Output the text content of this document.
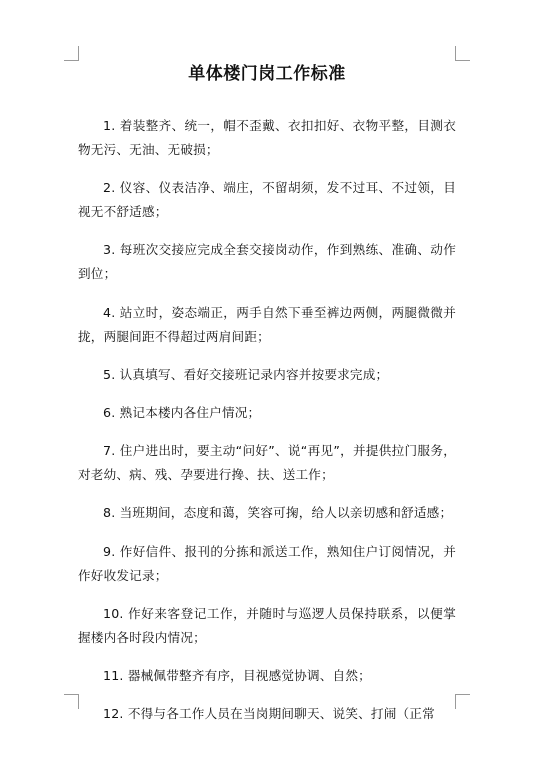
单体楼门岗工作标准

1. 着装整齐、统一，帽不歪戴、衣扣扣好、衣物平整，目测衣物无污、无油、无破损；

2. 仪容、仪表洁净、端庄，不留胡须，发不过耳、不过领，目视无不舒适感；

3. 每班次交接应完成全套交接岗动作，作到熟练、准确、动作到位；

4. 站立时，姿态端正，两手自然下垂至裤边两侧，两腿微微并拢，两腿间距不得超过两肩间距；

5. 认真填写、看好交接班记录内容并按要求完成；

6. 熟记本楼内各住户情况；

7. 住户进出时，要主动“问好”、说“再见”，并提供拉门服务，对老幼、病、残、孕要进行搀、扶、送工作；

8. 当班期间，态度和蔼，笑容可掬，给人以亲切感和舒适感；

9. 作好信件、报刊的分拣和派送工作，熟知住户订阅情况，并作好收发记录；

10. 作好来客登记工作，并随时与巡逻人员保持联系，以便掌握楼内各时段内情况；

11. 器械佩带整齐有序，目视感觉协调、自然；

12. 不得与各工作人员在当岗期间聊天、说笑、打闹（正常
